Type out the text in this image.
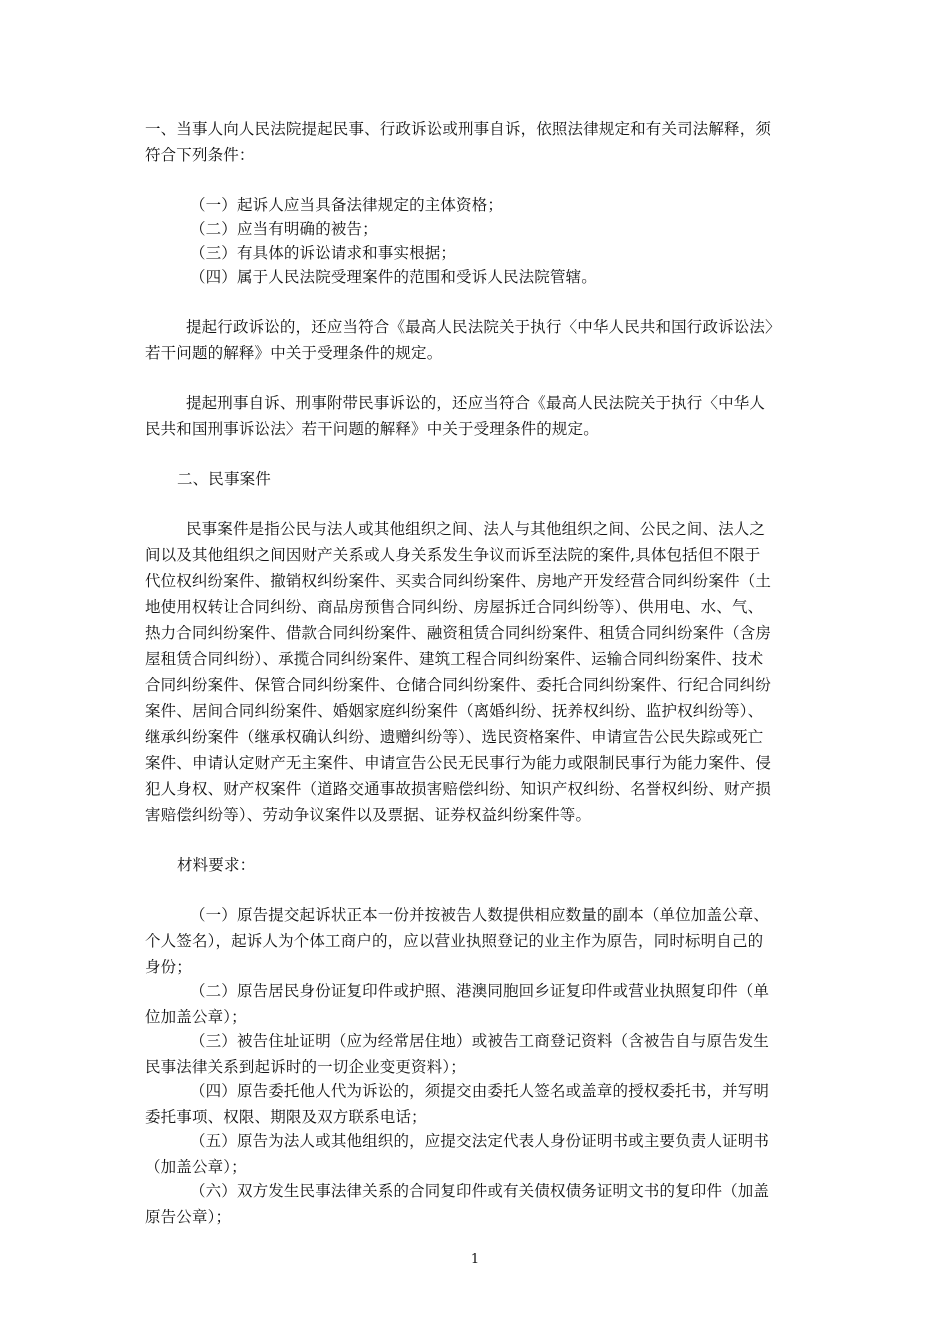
一、当事人向人民法院提起民事、行政诉讼或刑事自诉，依照法律规定和有关司法解释，须

符合下列条件：

（一）起诉人应当具备法律规定的主体资格；

（二）应当有明确的被告；

（三）有具体的诉讼请求和事实根据；

（四）属于人民法院受理案件的范围和受诉人民法院管辖。

提起行政诉讼的，还应当符合《最高人民法院关于执行〈中华人民共和国行政诉讼法〉

若干问题的解释》中关于受理条件的规定。

提起刑事自诉、刑事附带民事诉讼的，还应当符合《最高人民法院关于执行〈中华人

民共和国刑事诉讼法〉若干问题的解释》中关于受理条件的规定。

二、民事案件

民事案件是指公民与法人或其他组织之间、法人与其他组织之间、公民之间、法人之

间以及其他组织之间因财产关系或人身关系发生争议而诉至法院的案件,具体包括但不限于

代位权纠纷案件、撤销权纠纷案件、买卖合同纠纷案件、房地产开发经营合同纠纷案件（土

地使用权转让合同纠纷、商品房预售合同纠纷、房屋拆迁合同纠纷等）、供用电、水、气、

热力合同纠纷案件、借款合同纠纷案件、融资租赁合同纠纷案件、租赁合同纠纷案件（含房

屋租赁合同纠纷）、承揽合同纠纷案件、建筑工程合同纠纷案件、运输合同纠纷案件、技术

合同纠纷案件、保管合同纠纷案件、仓储合同纠纷案件、委托合同纠纷案件、行纪合同纠纷

案件、居间合同纠纷案件、婚姻家庭纠纷案件（离婚纠纷、抚养权纠纷、监护权纠纷等）、

继承纠纷案件（继承权确认纠纷、遗赠纠纷等）、选民资格案件、申请宣告公民失踪或死亡

案件、申请认定财产无主案件、申请宣告公民无民事行为能力或限制民事行为能力案件、侵

犯人身权、财产权案件（道路交通事故损害赔偿纠纷、知识产权纠纷、名誉权纠纷、财产损

害赔偿纠纷等）、劳动争议案件以及票据、证券权益纠纷案件等。

材料要求：

（一）原告提交起诉状正本一份并按被告人数提供相应数量的副本（单位加盖公章、

个人签名），起诉人为个体工商户的，应以营业执照登记的业主作为原告，同时标明自己的

身份；

（二）原告居民身份证复印件或护照、港澳同胞回乡证复印件或营业执照复印件（单

位加盖公章）；

（三）被告住址证明（应为经常居住地）或被告工商登记资料（含被告自与原告发生

民事法律关系到起诉时的一切企业变更资料）；

（四）原告委托他人代为诉讼的，须提交由委托人签名或盖章的授权委托书，并写明

委托事项、权限、期限及双方联系电话；

（五）原告为法人或其他组织的，应提交法定代表人身份证明书或主要负责人证明书

（加盖公章）；

（六）双方发生民事法律关系的合同复印件或有关债权债务证明文书的复印件（加盖

原告公章）；

1
